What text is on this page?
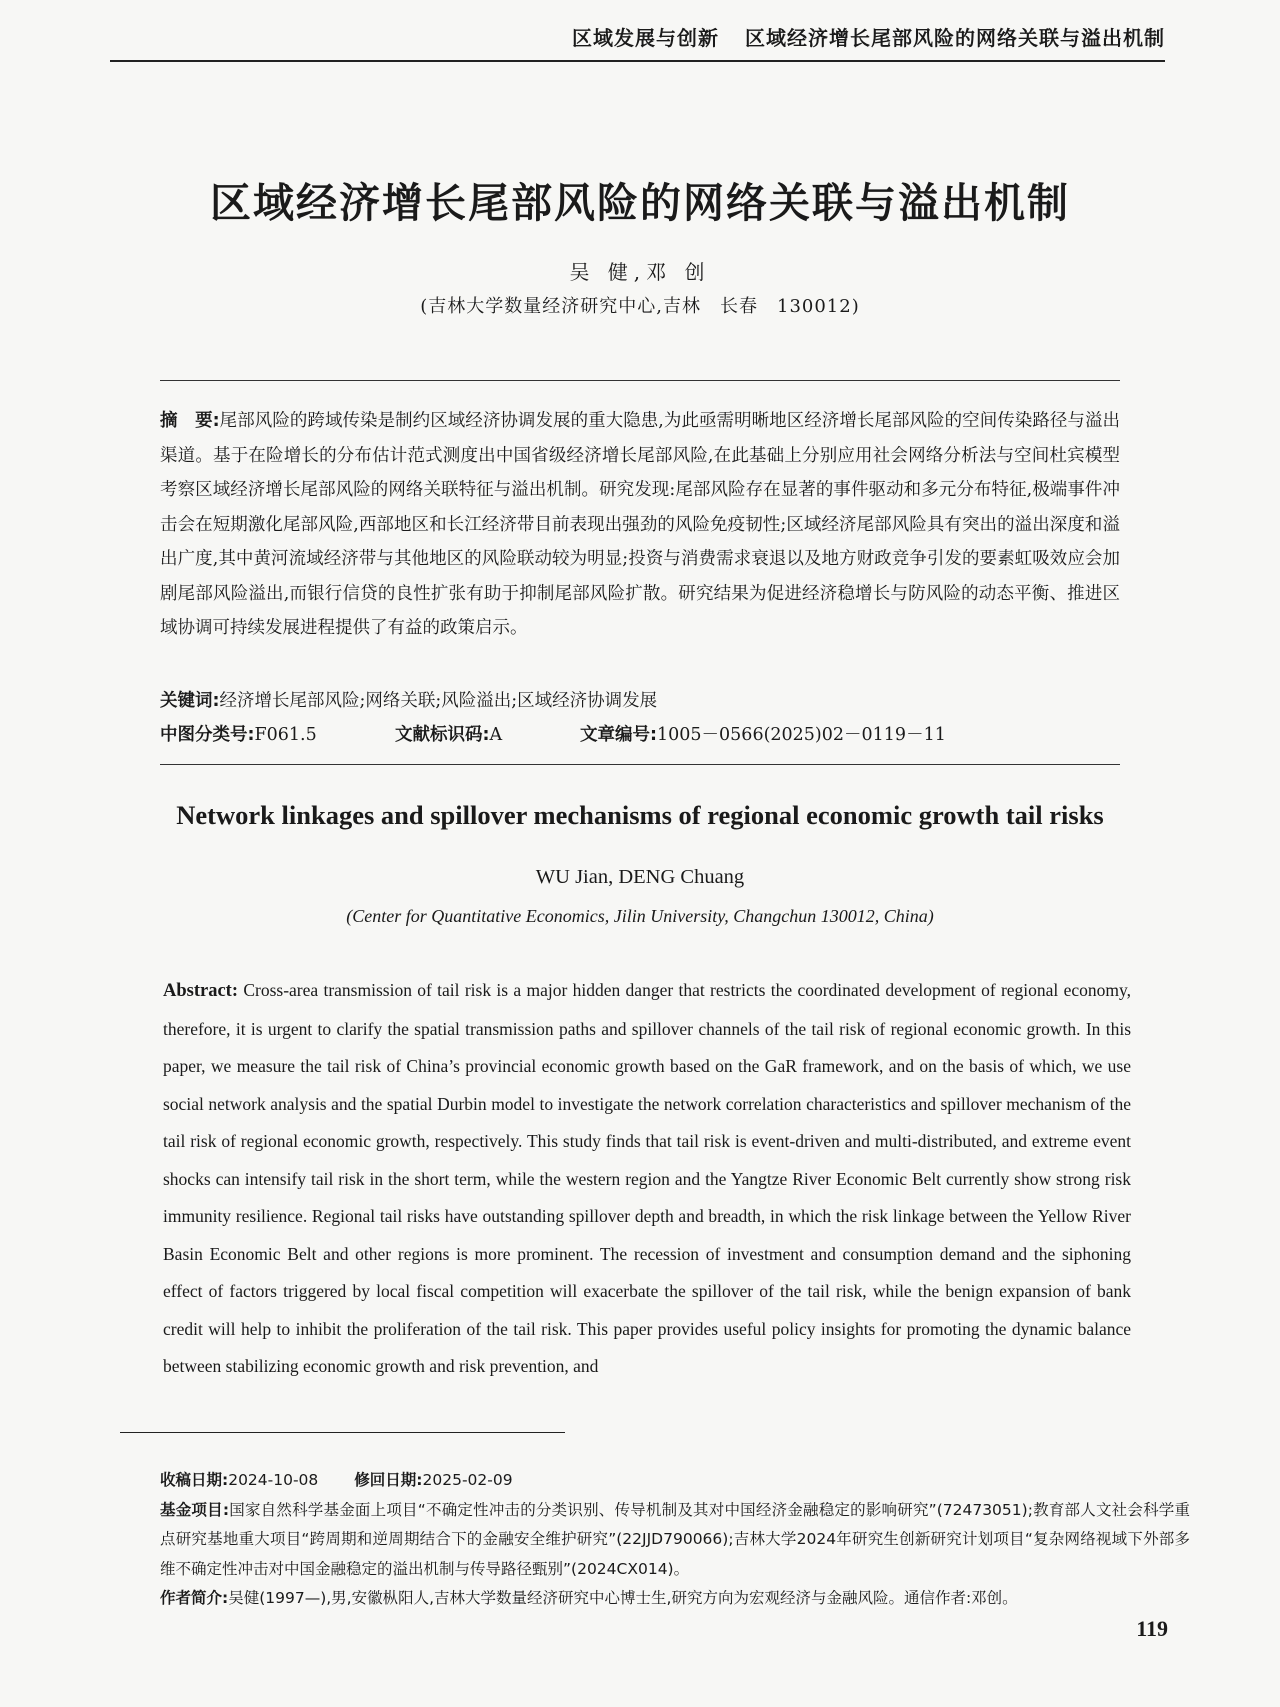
区域发展与创新 区域经济增长尾部风险的网络关联与溢出机制
区域经济增长尾部风险的网络关联与溢出机制
吴 健,邓 创
(吉林大学数量经济研究中心,吉林　长春　130012)
摘　要:尾部风险的跨域传染是制约区域经济协调发展的重大隐患,为此亟需明晰地区经济增长尾部风险的空间传染路径与溢出渠道。基于在险增长的分布估计范式测度出中国省级经济增长尾部风险,在此基础上分别应用社会网络分析法与空间杜宾模型考察区域经济增长尾部风险的网络关联特征与溢出机制。研究发现:尾部风险存在显著的事件驱动和多元分布特征,极端事件冲击会在短期激化尾部风险,西部地区和长江经济带目前表现出强劲的风险免疫韧性;区域经济尾部风险具有突出的溢出深度和溢出广度,其中黄河流域经济带与其他地区的风险联动较为明显;投资与消费需求衰退以及地方财政竞争引发的要素虹吸效应会加剧尾部风险溢出,而银行信贷的良性扩张有助于抑制尾部风险扩散。研究结果为促进经济稳增长与防风险的动态平衡、推进区域协调可持续发展进程提供了有益的政策启示。
关键词:经济增长尾部风险;网络关联;风险溢出;区域经济协调发展
中图分类号:F061.5	文献标识码:A	文章编号:1005－0566(2025)02－0119－11
Network linkages and spillover mechanisms of regional economic growth tail risks
WU Jian, DENG Chuang
(Center for Quantitative Economics, Jilin University, Changchun 130012, China)
Abstract: Cross-area transmission of tail risk is a major hidden danger that restricts the coordinated development of regional economy, therefore, it is urgent to clarify the spatial transmission paths and spillover channels of the tail risk of regional economic growth. In this paper, we measure the tail risk of China’s provincial economic growth based on the GaR framework, and on the basis of which, we use social network analysis and the spatial Durbin model to investigate the network correlation characteristics and spillover mechanism of the tail risk of regional economic growth, respectively. This study finds that tail risk is event-driven and multi-distributed, and extreme event shocks can intensify tail risk in the short term, while the western region and the Yangtze River Economic Belt currently show strong risk immunity resilience. Regional tail risks have outstanding spillover depth and breadth, in which the risk linkage between the Yellow River Basin Economic Belt and other regions is more prominent. The recession of investment and consumption demand and the siphoning effect of factors triggered by local fiscal competition will exacerbate the spillover of the tail risk, while the benign expansion of bank credit will help to inhibit the proliferation of the tail risk. This paper provides useful policy insights for promoting the dynamic balance between stabilizing economic growth and risk prevention, and

收稿日期:2024-10-08 修回日期:2025-02-09

基金项目:国家自然科学基金面上项目“不确定性冲击的分类识别、传导机制及其对中国经济金融稳定的影响研究”(72473051);教育部人文社会科学重点研究基地重大项目“跨周期和逆周期结合下的金融安全维护研究”(22JJD790066);吉林大学2024年研究生创新研究计划项目“复杂网络视域下外部多维不确定性冲击对中国金融稳定的溢出机制与传导路径甄别”(2024CX014)。

作者简介:吴健(1997—),男,安徽枞阳人,吉林大学数量经济研究中心博士生,研究方向为宏观经济与金融风险。通信作者:邓创。

119
